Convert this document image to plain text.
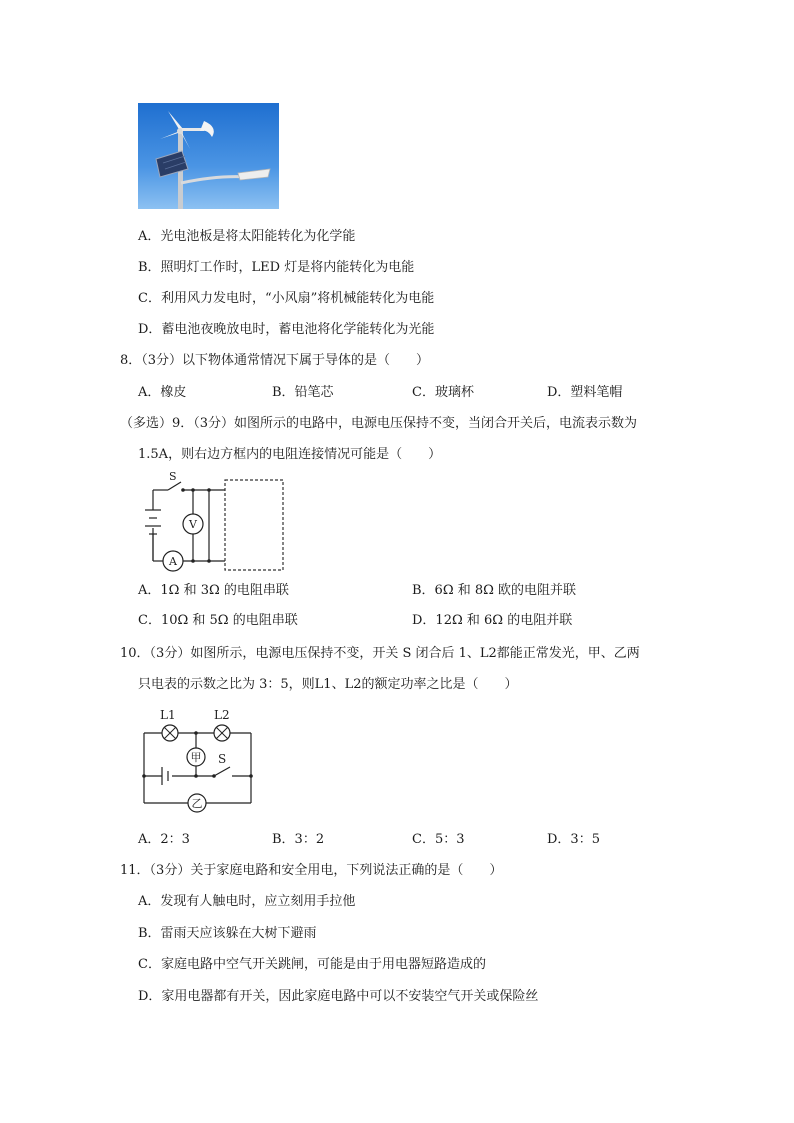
A．光电池板是将太阳能转化为化学能
B．照明灯工作时，LED 灯是将内能转化为电能
C．利用风力发电时，“小风扇”将机械能转化为电能
D．蓄电池夜晚放电时，蓄电池将化学能转化为光能
8．（3分）以下物体通常情况下属于导体的是（　　）
A．橡皮	B．铅笔芯	C．玻璃杯	D．塑料笔帽
（多选）9．（3分）如图所示的电路中，电源电压保持不变，当闭合开关后，电流表示数为
1.5A，则右边方框内的电阻连接情况可能是（　　）
S
V
A
A．1Ω 和 3Ω 的电阻串联	B．6Ω 和 8Ω 欧的电阻并联
C．10Ω 和 5Ω 的电阻串联	D．12Ω 和 6Ω 的电阻并联
10．（3分）如图所示，电源电压保持不变，开关 S 闭合后 1、L2都能正常发光，甲、乙两
只电表的示数之比为 3：5，则L1、L2的额定功率之比是（　　）
L1	L2
甲
乙
S
A．2：3	B．3：2	C．5：3	D．3：5
11．（3分）关于家庭电路和安全用电，下列说法正确的是（　　）
A．发现有人触电时，应立刻用手拉他
B．雷雨天应该躲在大树下避雨
C．家庭电路中空气开关跳闸，可能是由于用电器短路造成的
D．家用电器都有开关，因此家庭电路中可以不安装空气开关或保险丝
